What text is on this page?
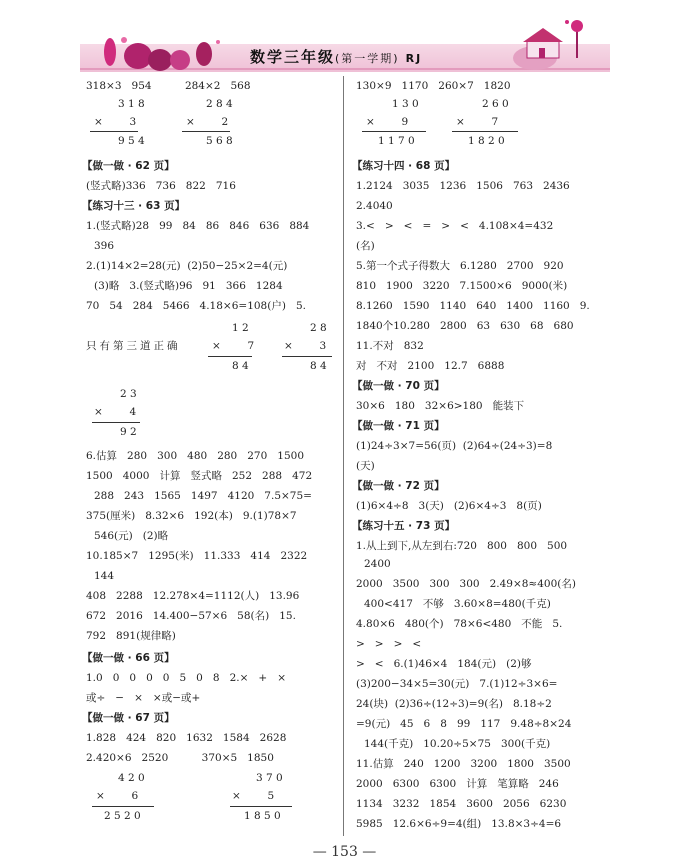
数学三年级(第一学期) RJ
318×3   954          284×2   568
3 1 8
×        3
9 5 4
2 8 4
×        2
5 6 8
【做一做 · 62 页】
(竖式略)336   736   822   716
【练习十三 · 63 页】
1.(竖式略)28   99   84   86   846   636   884
396
2.(1)14×2=28(元)  (2)50−25×2=4(元)
(3)略   3.(竖式略)96   91   366   1284
70   54   284   5466   4.18×6=108(户)   5.
1 2
×        7
8 4
2 8
×        3
8 4
只有第三道正确
2 3
×        4
9 2
6.估算   280   300   480   280   270   1500
1500   4000   计算   竖式略   252   288   472
288   243   1565   1497   4120   7.5×75=
375(厘米)   8.32×6   192(本)   9.(1)78×7
546(元)   (2)略
10.185×7   1295(米)   11.333   414   2322
144
408   2288   12.278×4=1112(人)   13.96
672   2016   14.400−57×6   58(名)   15.
792   891(规律略)
【做一做 · 66 页】
1.0   0   0   0   0   5   0   8   2.×   +   ×
或÷   −   ×   ×或−或+
【做一做 · 67 页】
1.828   424   820   1632   1584   2628
2.420×6   2520          370×5   1850
4 2 0
×        6
2 5 2 0
3 7 0
×        5
1 8 5 0
130×9   1170   260×7   1820
1 3 0
×        9
1 1 7 0
2 6 0
×        7
1 8 2 0
【练习十四 · 68 页】
1.2124   3035   1236   1506   763   2436
2.4040
3.<   >   <   =   >   <   4.108×4=432
(名)
5.第一个式子得数大   6.1280   2700   920
810   1900   3220   7.1500×6   9000(米)
8.1260   1590   1140   640   1400   1160   9.
1840个10.280   2800   63   630   68   680
11.不对   832
对   不对   2100   12.7   6888
【做一做 · 70 页】
30×6   180   32×6>180   能装下
【做一做 · 71 页】
(1)24÷3×7=56(页)  (2)64÷(24÷3)=8
(天)
【做一做 · 72 页】
(1)6×4÷8   3(天)   (2)6×4÷3   8(页)
【练习十五 · 73 页】
1.从上到下,从左到右:720   800   800   500
2400
2000   3500   300   300   2.49×8≈400(名)
400<417   不够   3.60×8=480(千克)
4.80×6   480(个)   78×6<480   不能   5.
>   >   >   <
>   <   6.(1)46×4   184(元)   (2)够
(3)200−34×5=30(元)   7.(1)12÷3×6=
24(块)  (2)36÷(12÷3)=9(名)   8.18÷2
=9(元)   45   6   8   99   117   9.48÷8×24
144(千克)   10.20÷5×75   300(千克)
11.估算   240   1200   3200   1800   3500
2000   6300   6300   计算   笔算略   246
1134   3232   1854   3600   2056   6230
5985   12.6×6÷9=4(组)   13.8×3÷4=6
— 153 —
